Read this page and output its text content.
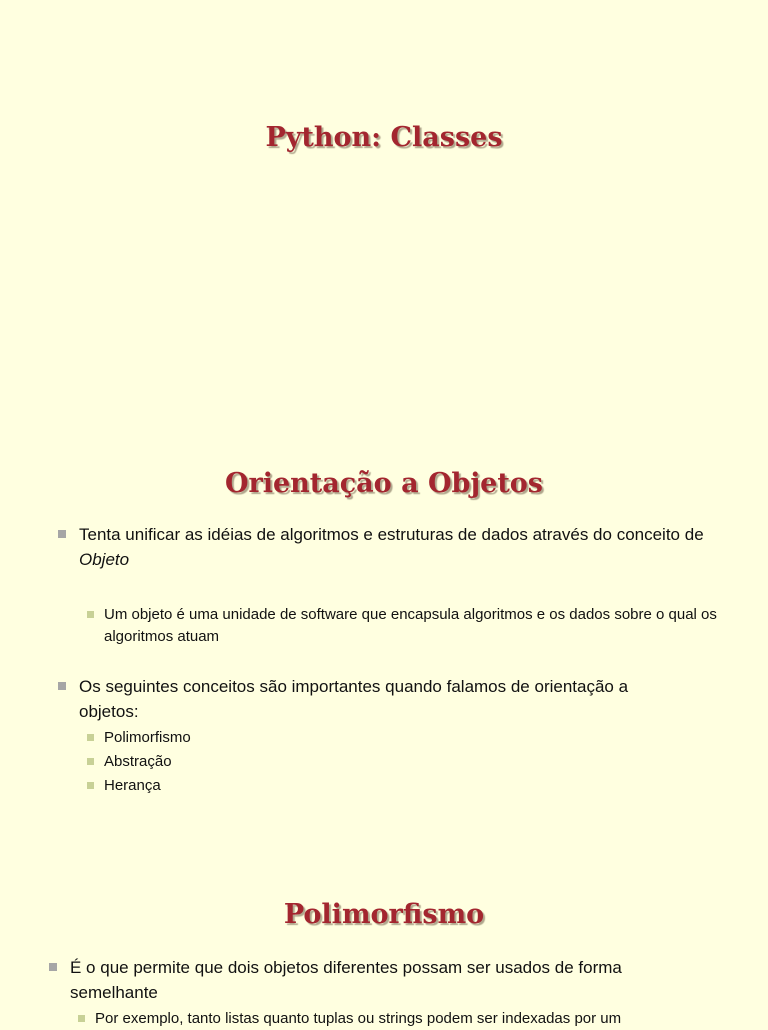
Python: Classes
Orientação a Objetos
Tenta unificar as idéias de algoritmos e estruturas de dados através do conceito de Objeto
Um objeto é uma unidade de software que encapsula algoritmos e os dados sobre o qual os algoritmos atuam
Os seguintes conceitos são importantes quando falamos de orientação a objetos:
Polimorfismo
Abstração
Herança
Polimorfismo
É o que permite que dois objetos diferentes possam ser usados de forma semelhante
Por exemplo, tanto listas quanto tuplas ou strings podem ser indexadas por um
